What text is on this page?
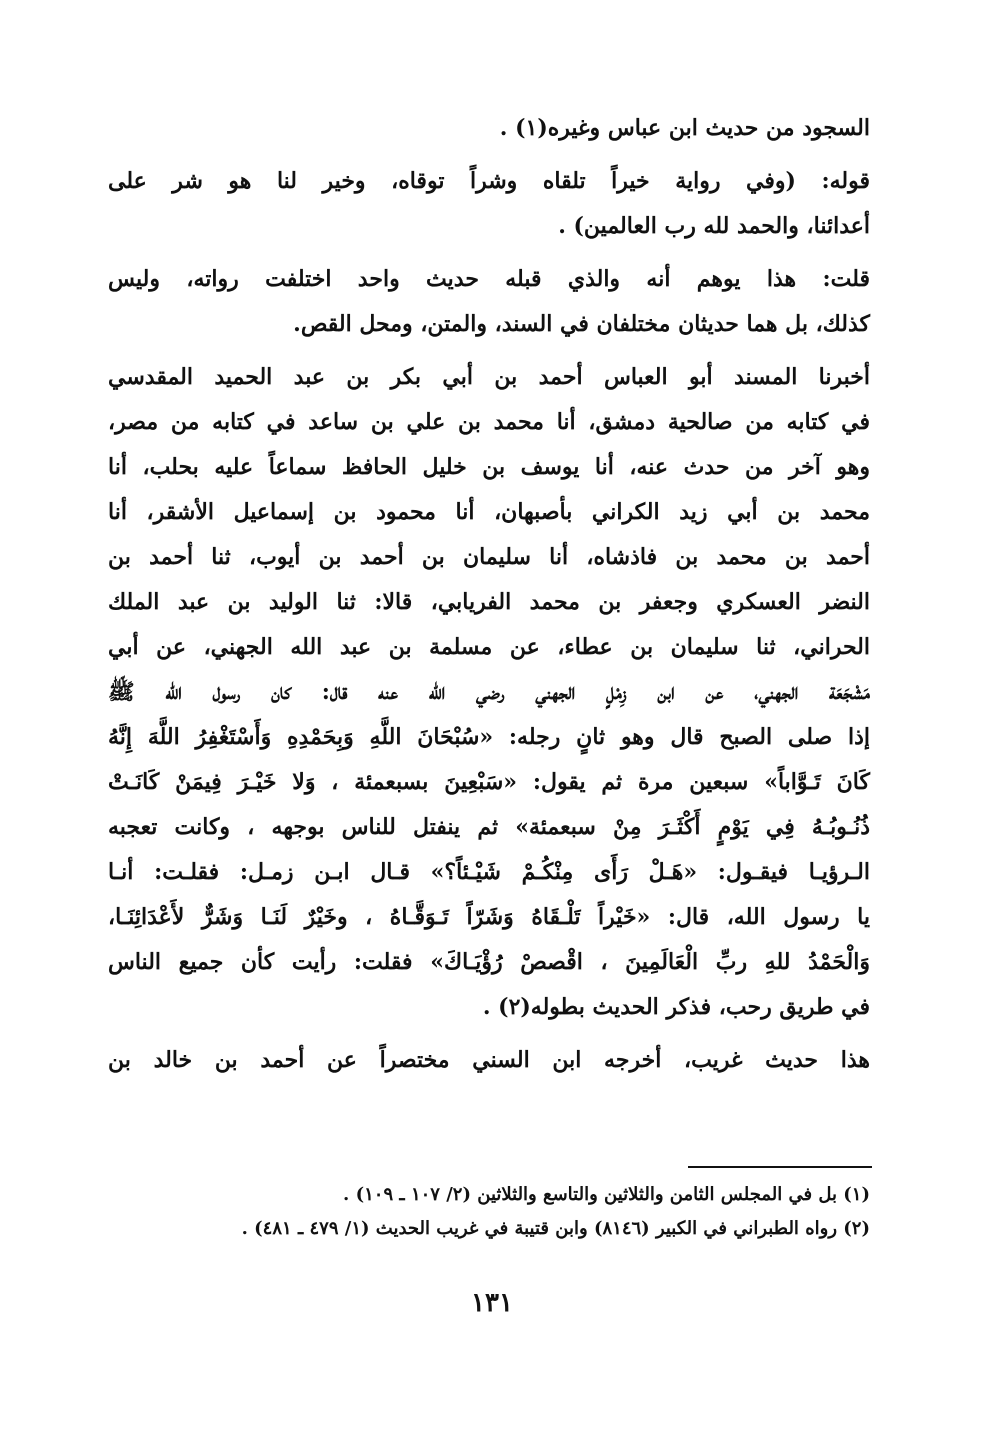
السجود من حديث ابن عباس وغيره(١) .
قوله: (وفي رواية خيراً تلقاه وشراً توقاه، وخير لنا هو شر على
أعدائنا، والحمد لله رب العالمين) .
قلت: هذا يوهم أنه والذي قبله حديث واحد اختلفت رواته، وليس
كذلك، بل هما حديثان مختلفان في السند، والمتن، ومحل القص.
أخبرنا المسند أبو العباس أحمد بن أبي بكر بن عبد الحميد المقدسي
في كتابه من صالحية دمشق، أنا محمد بن علي بن ساعد في كتابه من مصر،
وهو آخر من حدث عنه، أنا يوسف بن خليل الحافظ سماعاً عليه بحلب، أنا
محمد بن أبي زيد الكراني بأصبهان، أنا محمود بن إسماعيل الأشقر، أنا
أحمد بن محمد بن فاذشاه، أنا سليمان بن أحمد بن أيوب، ثنا أحمد بن
النضر العسكري وجعفر بن محمد الفريابي، قالا: ثنا الوليد بن عبد الملك
الحراني، ثنا سليمان بن عطاء، عن مسلمة بن عبد الله الجهني، عن أبي
مَشْجَعَة الجهني، عن ابن زِمْلٍ الجهني رضي الله عنه قال: كان رسول الله ﷺ
إذا صلى الصبح قال وهو ثانٍ رجله: «سُبْحَانَ اللَّهِ وَبِحَمْدِهِ وَأَسْتَغْفِرُ اللَّهَ إِنَّهُ
كَانَ تَـوَّاباً» سبعين مرة ثم يقول: «سَبْعِينَ بسبعمئة ، وَلا خَيْـرَ فِيمَنْ كَانَـتْ
ذُنُـوبُـهُ فِي يَوْمٍ أَكْثَـرَ مِنْ سبعمئة» ثم ينفتل للناس بوجهه ، وكانت تعجبه
الـرؤيـا فيقـول: «هَـلْ رَأَى مِنْكُـمْ شَيْـئاً؟» قـال ابـن زمـل: فقلـت: أنـا
يا رسول الله، قال: «خَيْراً تَلْـقَاهُ وَشَرّاً تَـوَقَّـاهُ ، وخَيْرٌ لَنَـا وَشَرٌّ لأَعْدَائِنَـا،
وَالْحَمْدُ للهِ ربِّ الْعَالَمِينَ ، اقْصصْ رُؤْيَـاكَ» فقلت: رأيت كأن جميع الناس
في طريق رحب، فذكر الحديث بطوله(٢) .
هذا حديث غريب، أخرجه ابن السني مختصراً عن أحمد بن خالد بن
(١) بل في المجلس الثامن والثلاثين والتاسع والثلاثين (٢/ ١٠٧ ـ ١٠٩) .
(٢) رواه الطبراني في الكبير (٨١٤٦) وابن قتيبة في غريب الحديث (١/ ٤٧٩ ـ ٤٨١) .
١٣١
